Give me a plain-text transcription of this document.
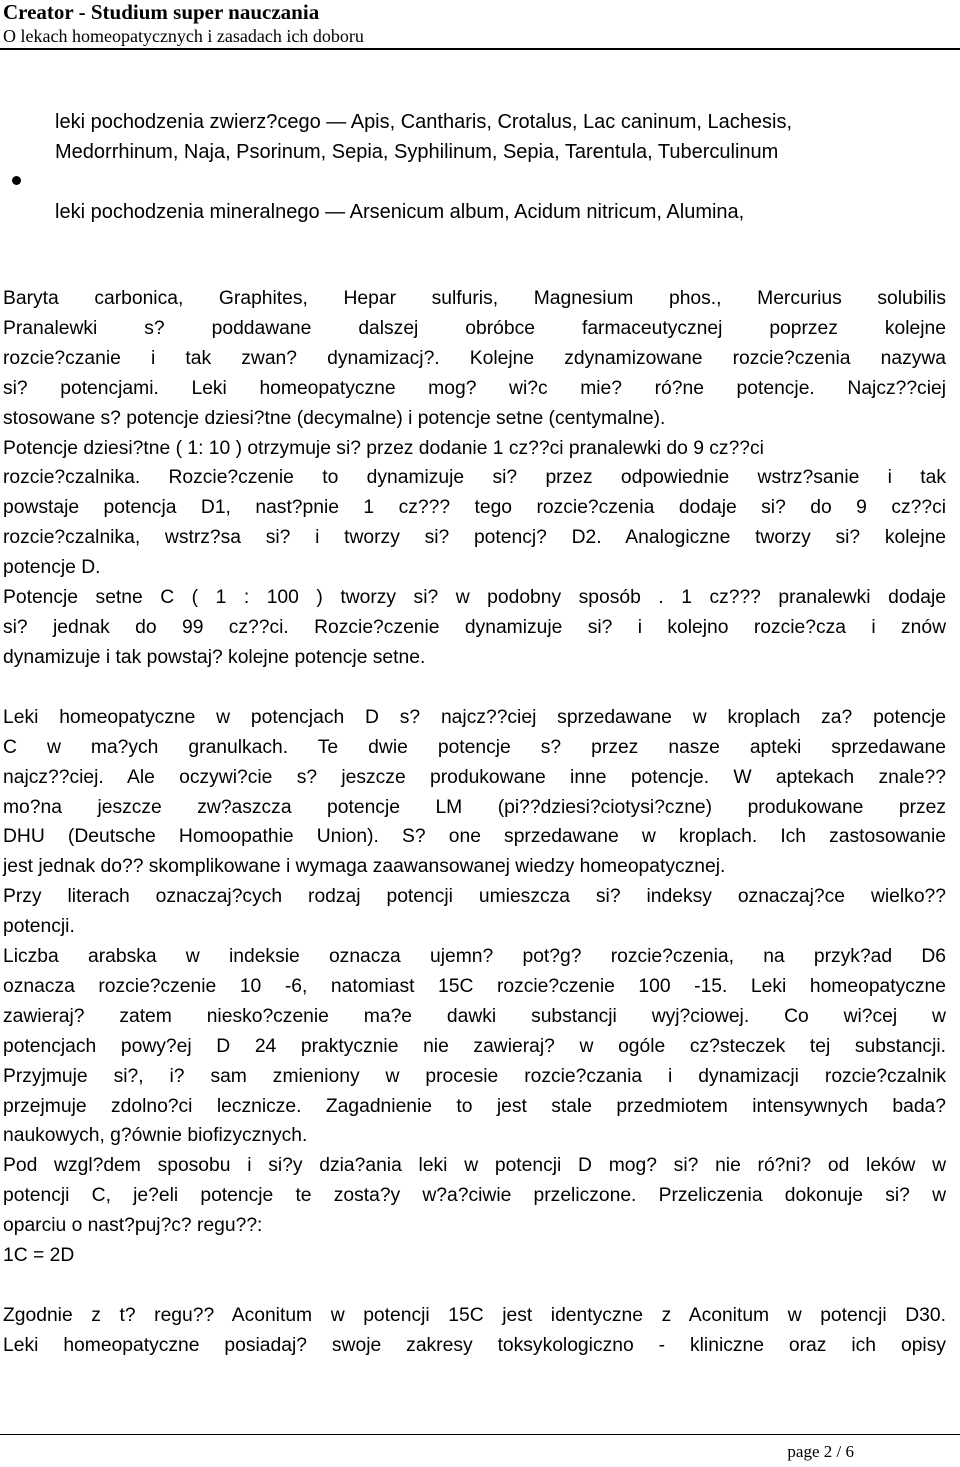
Creator - Studium super nauczania
O lekach homeopatycznych i zasadach ich doboru
leki pochodzenia zwierz?cego — Apis, Cantharis, Crotalus, Lac caninum, Lachesis,
Medorrhinum, Naja, Psorinum, Sepia, Syphilinum, Sepia, Tarentula, Tuberculinum
leki pochodzenia mineralnego — Arsenicum album, Acidum nitricum, Alumina,

Baryta carbonica, Graphites, Hepar sulfuris, Magnesium phos., Mercurius solubilis
Pranalewki s? poddawane dalszej obróbce farmaceutycznej poprzez kolejne
rozcie?czanie i tak zwan? dynamizacj?. Kolejne zdynamizowane rozcie?czenia nazywa
si? potencjami. Leki homeopatyczne mog? wi?c mie? ró?ne potencje. Najcz??ciej
stosowane s? potencje dziesi?tne (decymalne) i potencje setne (centymalne).
Potencje dziesi?tne ( 1: 10 ) otrzymuje si? przez dodanie 1 cz??ci pranalewki do 9 cz??ci
rozcie?czalnika. Rozcie?czenie to dynamizuje si? przez odpowiednie wstrz?sanie i tak
powstaje potencja D1, nast?pnie 1 cz??? tego rozcie?czenia dodaje si? do 9 cz??ci
rozcie?czalnika, wstrz?sa si? i tworzy si? potencj? D2. Analogiczne tworzy si? kolejne
potencje D.
Potencje setne C ( 1 : 100 ) tworzy si? w podobny sposób . 1 cz??? pranalewki dodaje
si? jednak do 99 cz??ci. Rozcie?czenie dynamizuje si? i kolejno rozcie?cza i znów
dynamizuje i tak powstaj? kolejne potencje setne.

Leki homeopatyczne w potencjach D s? najcz??ciej sprzedawane w kroplach za? potencje
C w ma?ych granulkach. Te dwie potencje s? przez nasze apteki sprzedawane
najcz??ciej. Ale oczywi?cie s? jeszcze produkowane inne potencje. W aptekach znale??
mo?na jeszcze zw?aszcza potencje LM (pi??dziesi?ciotysi?czne) produkowane przez
DHU (Deutsche Homoopathie Union). S? one sprzedawane w kroplach. Ich zastosowanie
jest jednak do?? skomplikowane i wymaga zaawansowanej wiedzy homeopatycznej.
Przy literach oznaczaj?cych rodzaj potencji umieszcza si? indeksy oznaczaj?ce wielko??
potencji.
Liczba arabska w indeksie oznacza ujemn? pot?g? rozcie?czenia, na przyk?ad D6
oznacza rozcie?czenie 10 -6, natomiast 15C rozcie?czenie 100 -15. Leki homeopatyczne
zawieraj? zatem niesko?czenie ma?e dawki substancji wyj?ciowej. Co wi?cej w
potencjach powy?ej D 24 praktycznie nie zawieraj? w ogóle cz?steczek tej substancji.
Przyjmuje si?, i? sam zmieniony w procesie rozcie?czania i dynamizacji rozcie?czalnik
przejmuje zdolno?ci lecznicze. Zagadnienie to jest stale przedmiotem intensywnych bada?
naukowych, g?ównie biofizycznych.
Pod wzgl?dem sposobu i si?y dzia?ania leki w potencji D mog? si? nie ró?ni? od leków w
potencji C, je?eli potencje te zosta?y w?a?ciwie przeliczone. Przeliczenia dokonuje si? w
oparciu o nast?puj?c? regu??:
1C = 2D

Zgodnie z t? regu?? Aconitum w potencji 15C jest identyczne z Aconitum w potencji D30.
Leki homeopatyczne posiadaj? swoje zakresy toksykologiczno - kliniczne oraz ich opisy

page 2 / 6
